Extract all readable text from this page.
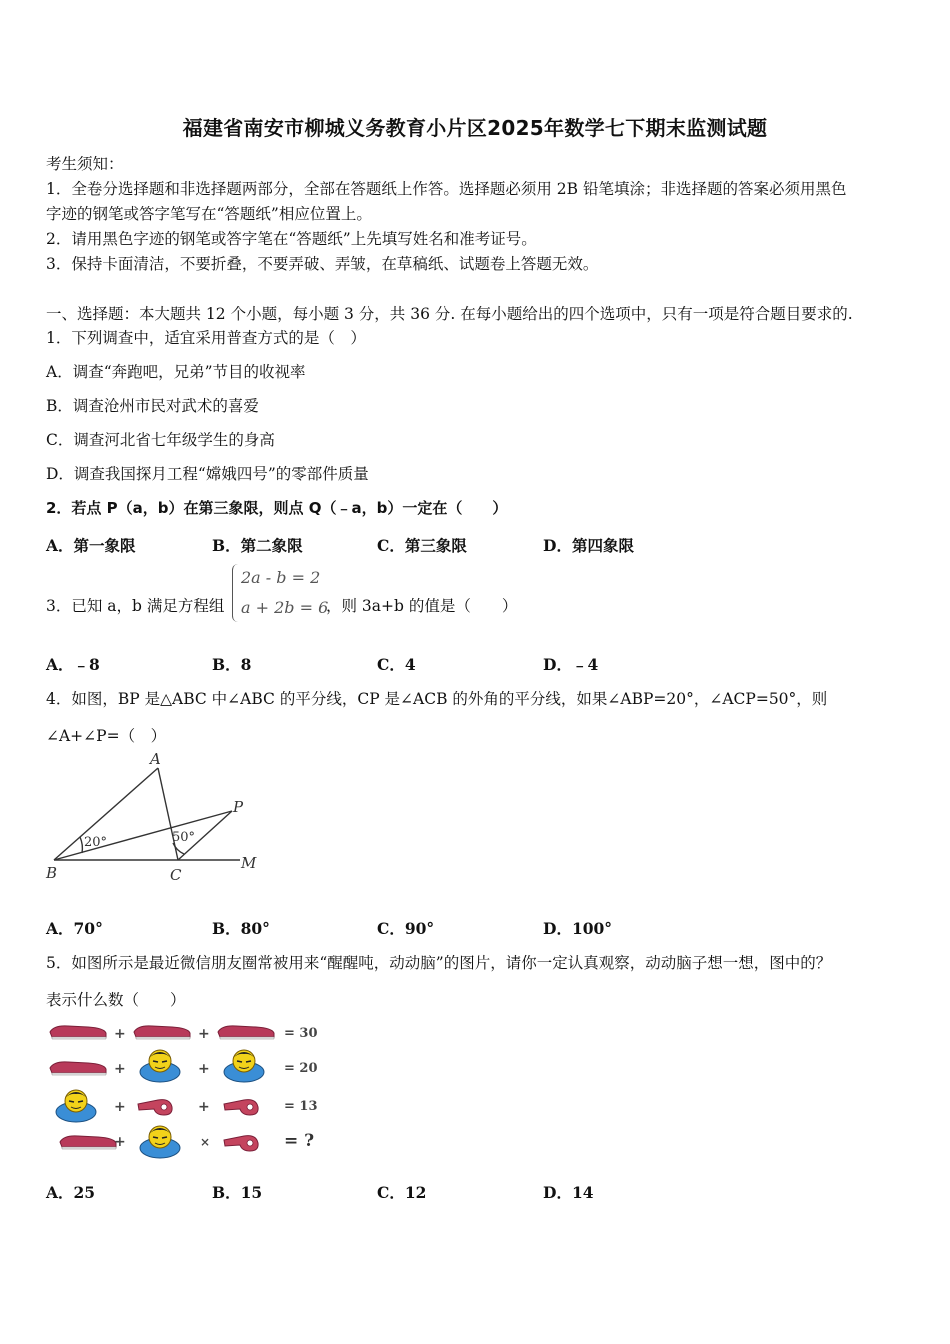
福建省南安市柳城义务教育小片区2025年数学七下期末监测试题
考生须知：
1．全卷分选择题和非选择题两部分，全部在答题纸上作答。选择题必须用 2B 铅笔填涂；非选择题的答案必须用黑色
字迹的钢笔或答字笔写在“答题纸”相应位置上。
2．请用黑色字迹的钢笔或答字笔在“答题纸”上先填写姓名和准考证号。
3．保持卡面清洁，不要折叠，不要弄破、弄皱，在草稿纸、试题卷上答题无效。
一、选择题：本大题共 12 个小题，每小题 3 分，共 36 分. 在每小题给出的四个选项中，只有一项是符合题目要求的.
1．下列调查中，适宜采用普查方式的是（　）
A．调查“奔跑吧，兄弟”节目的收视率
B．调查沧州市民对武术的喜爱
C．调查河北省七年级学生的身高
D．调查我国探月工程“嫦娥四号”的零部件质量
2．若点 P（a，b）在第三象限，则点 Q（﹣a，b）一定在（　　）
A．第一象限	B．第二象限	C．第三象限	D．第四象限
3．已知 a，b 满足方程组
2a - b = 2
a + 2b = 6
，则 3a+b 的值是（　　）
A．﹣8	B．8	C．4	D．﹣4
4．如图，BP 是△ABC 中∠ABC 的平分线，CP 是∠ACB 的外角的平分线，如果∠ABP=20°，∠ACP=50°，则
∠A+∠P=（　）
A
B	C
P
M
20°	50°
A．70°	B．80°	C．90°	D．100°
5．如图所示是最近微信朋友圈常被用来“醒醒吨，动动脑”的图片，请你一定认真观察，动动脑子想一想，图中的？
表示什么数（　　）
+	+	= 30
+	+	= 20
+	+	= 13
+	×	= ?
A．25	B．15	C．12	D．14
